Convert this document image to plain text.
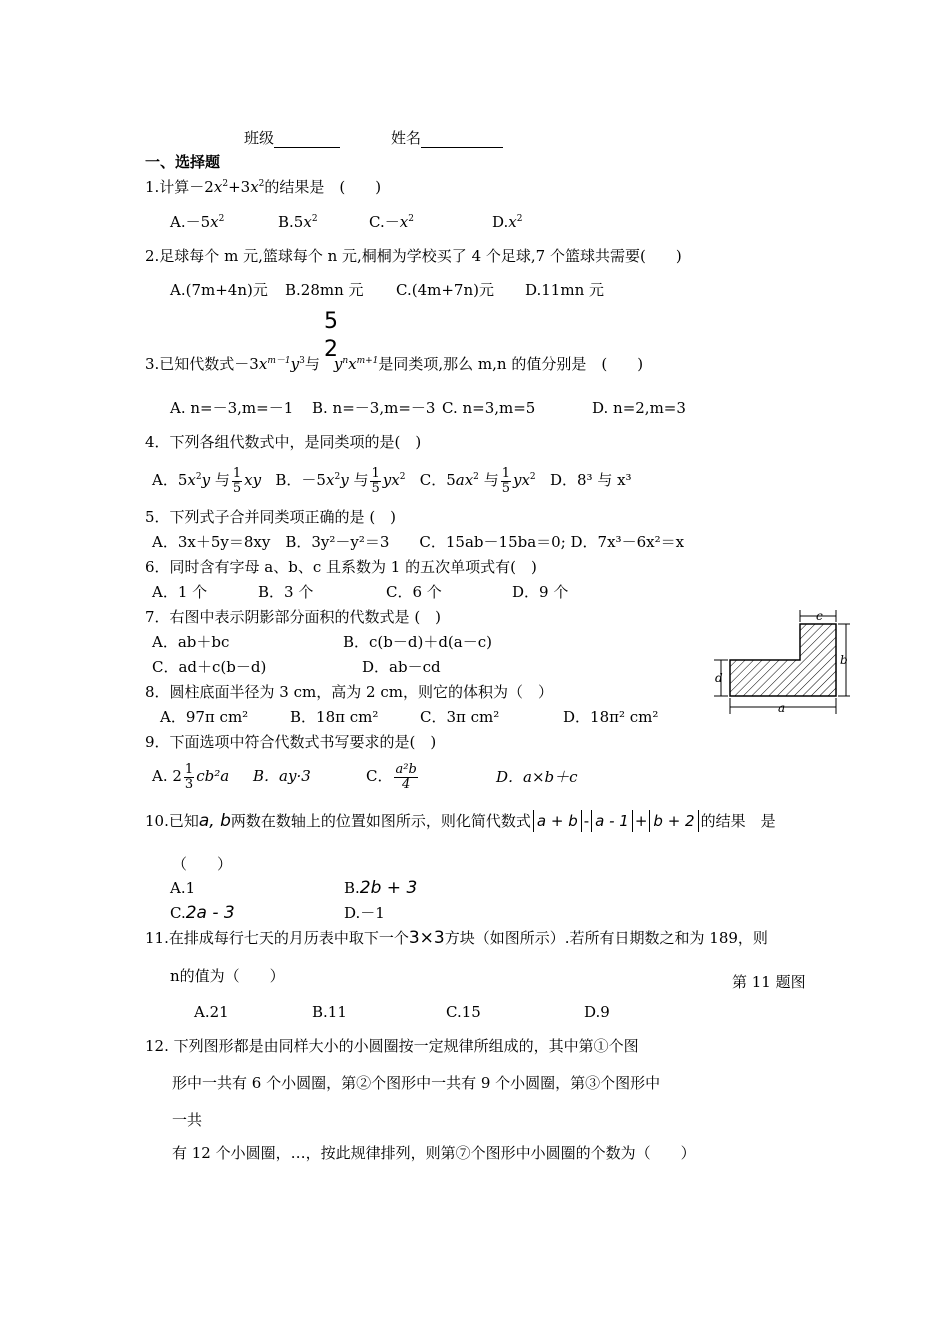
班级	姓名
一、选择题
1.计算$-2x^2+3x^2$的结果是　(　　)
$A.-5x^2$	$B.5x^2$	$C.-x^2$	$D.x^2$
2.足球每个 m 元,篮球每个 n 元,桐桐为学校买了 4 个足球,7 个篮球共需要(　　)
A.(7m+4n)元 B.28mn 元 C.(4m+7n)元 D.11mn 元
5
2
3.已知代数式$-3x^{m-1}y^3$与 $y^nx^{m+1}$是同类项,那么 m,n 的值分别是　(　　)
A. n=－3,m=－1 B. n=－3,m=－3 C. n=3,m=5	D. n=2,m=3
4．下列各组代数式中，是同类项的是(　)
A．$5x^2y$ 与 $\frac{1}{5}$ xy B．$-5x^2y$ 与 $\frac{1}{5} yx^2$ C．$5ax^2$ 与 $\frac{1}{5} yx^2$ D．8³ 与 x³
5．下列式子合并同类项正确的是 (　)
A．3x＋5y＝8xy　B．3y²－y²＝3　　C．15ab－15ba＝0; D．7x³－6x²＝x
6．同时含有字母 a、b、c 且系数为 1 的五次单项式有(　)
A．1 个	B．3 个	C．6 个	D．9 个
7．右图中表示阴影部分面积的代数式是 (　)
A．ab＋bc	B．c(b－d)＋d(a－c)
C．ad＋c(b－d)	D．ab－cd
c
b
d
a
8．圆柱底面半径为 3 cm，高为 2 cm，则它的体积为（　）
A．97π cm²	B．18π cm²	C．3π cm²	D．18π² cm²
9．下面选项中符合代数式书写要求的是(　)
A. $2 \frac{1}{3} cb^2a$ B．ay·3	C． $\frac{\text{a²b}}{4}$	D．a×b＋c
10.已知a, b两数在数轴上的位置如图所示，则化简代数式 a + b - a - 1 + b + 2 的结果　是
（　　）
A.1	B.2b + 3
C.2a - 3	D.－1
11.在排成每行七天的月历表中取下一个3×3方块（如图所示）.若所有日期数之和为 189，则
n的值为（　　）	第 11 题图
A.21	B.11	C.15	D.9
12. 下列图形都是由同样大小的小圆圈按一定规律所组成的，其中第①个图
形中一共有 6 个小圆圈，第②个图形中一共有 9 个小圆圈，第③个图形中
一共
有 12 个小圆圈，…，按此规律排列，则第⑦个图形中小圆圈的个数为（　　）
